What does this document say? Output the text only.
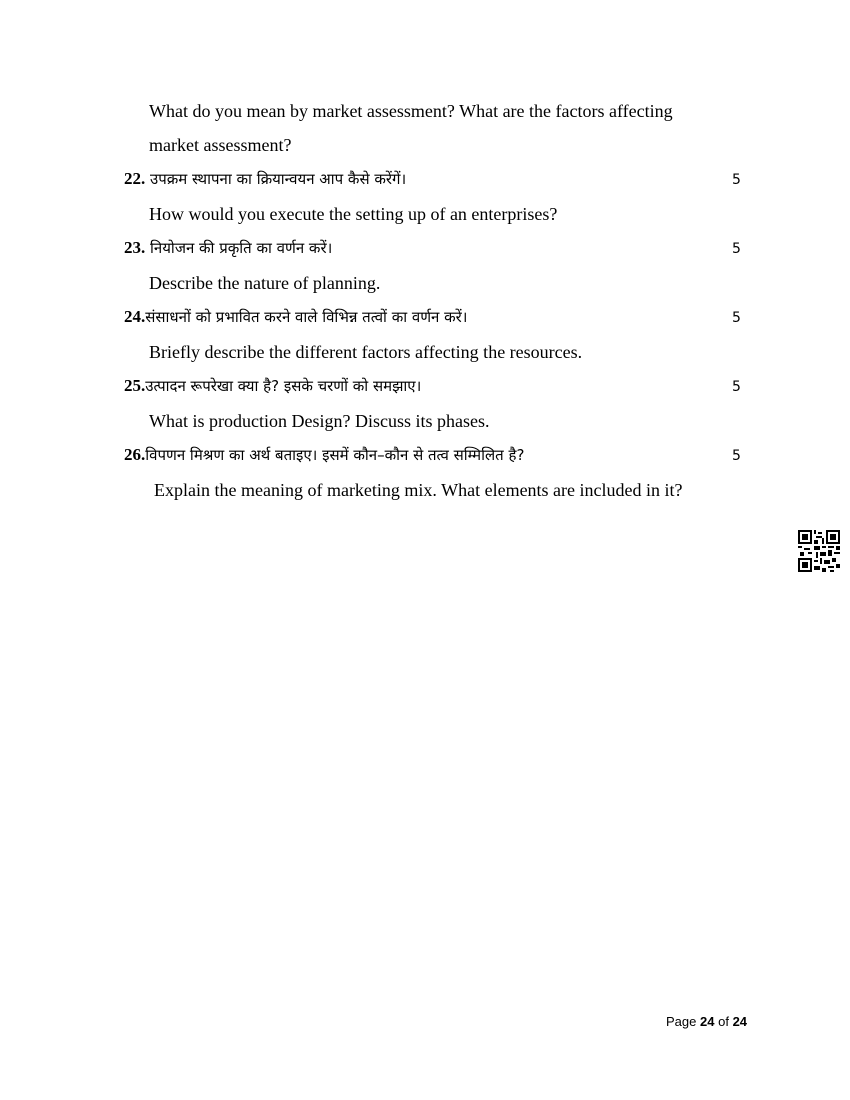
What do you mean by market assessment? What are the factors affecting
market assessment?
22. उपक्रम स्थापना का क्रियान्वयन आप कैसे करेंगें।	5
How would you execute the setting up of an enterprises?
23. नियोजन की प्रकृति का वर्णन करें।	5
Describe the nature of planning.
24.संसाधनों को प्रभावित करने वाले विभिन्न तत्वों का वर्णन करें।	5
Briefly describe the different factors affecting the resources.
25.उत्पादन रूपरेखा क्या है? इसके चरणों को समझाए।	5
What is production Design? Discuss its phases.
26.विपणन मिश्रण का अर्थ बताइए। इसमें कौन–कौन से तत्व सम्मिलित है?	5
Explain the meaning of marketing mix. What elements are included in it?
Page 24 of 24
